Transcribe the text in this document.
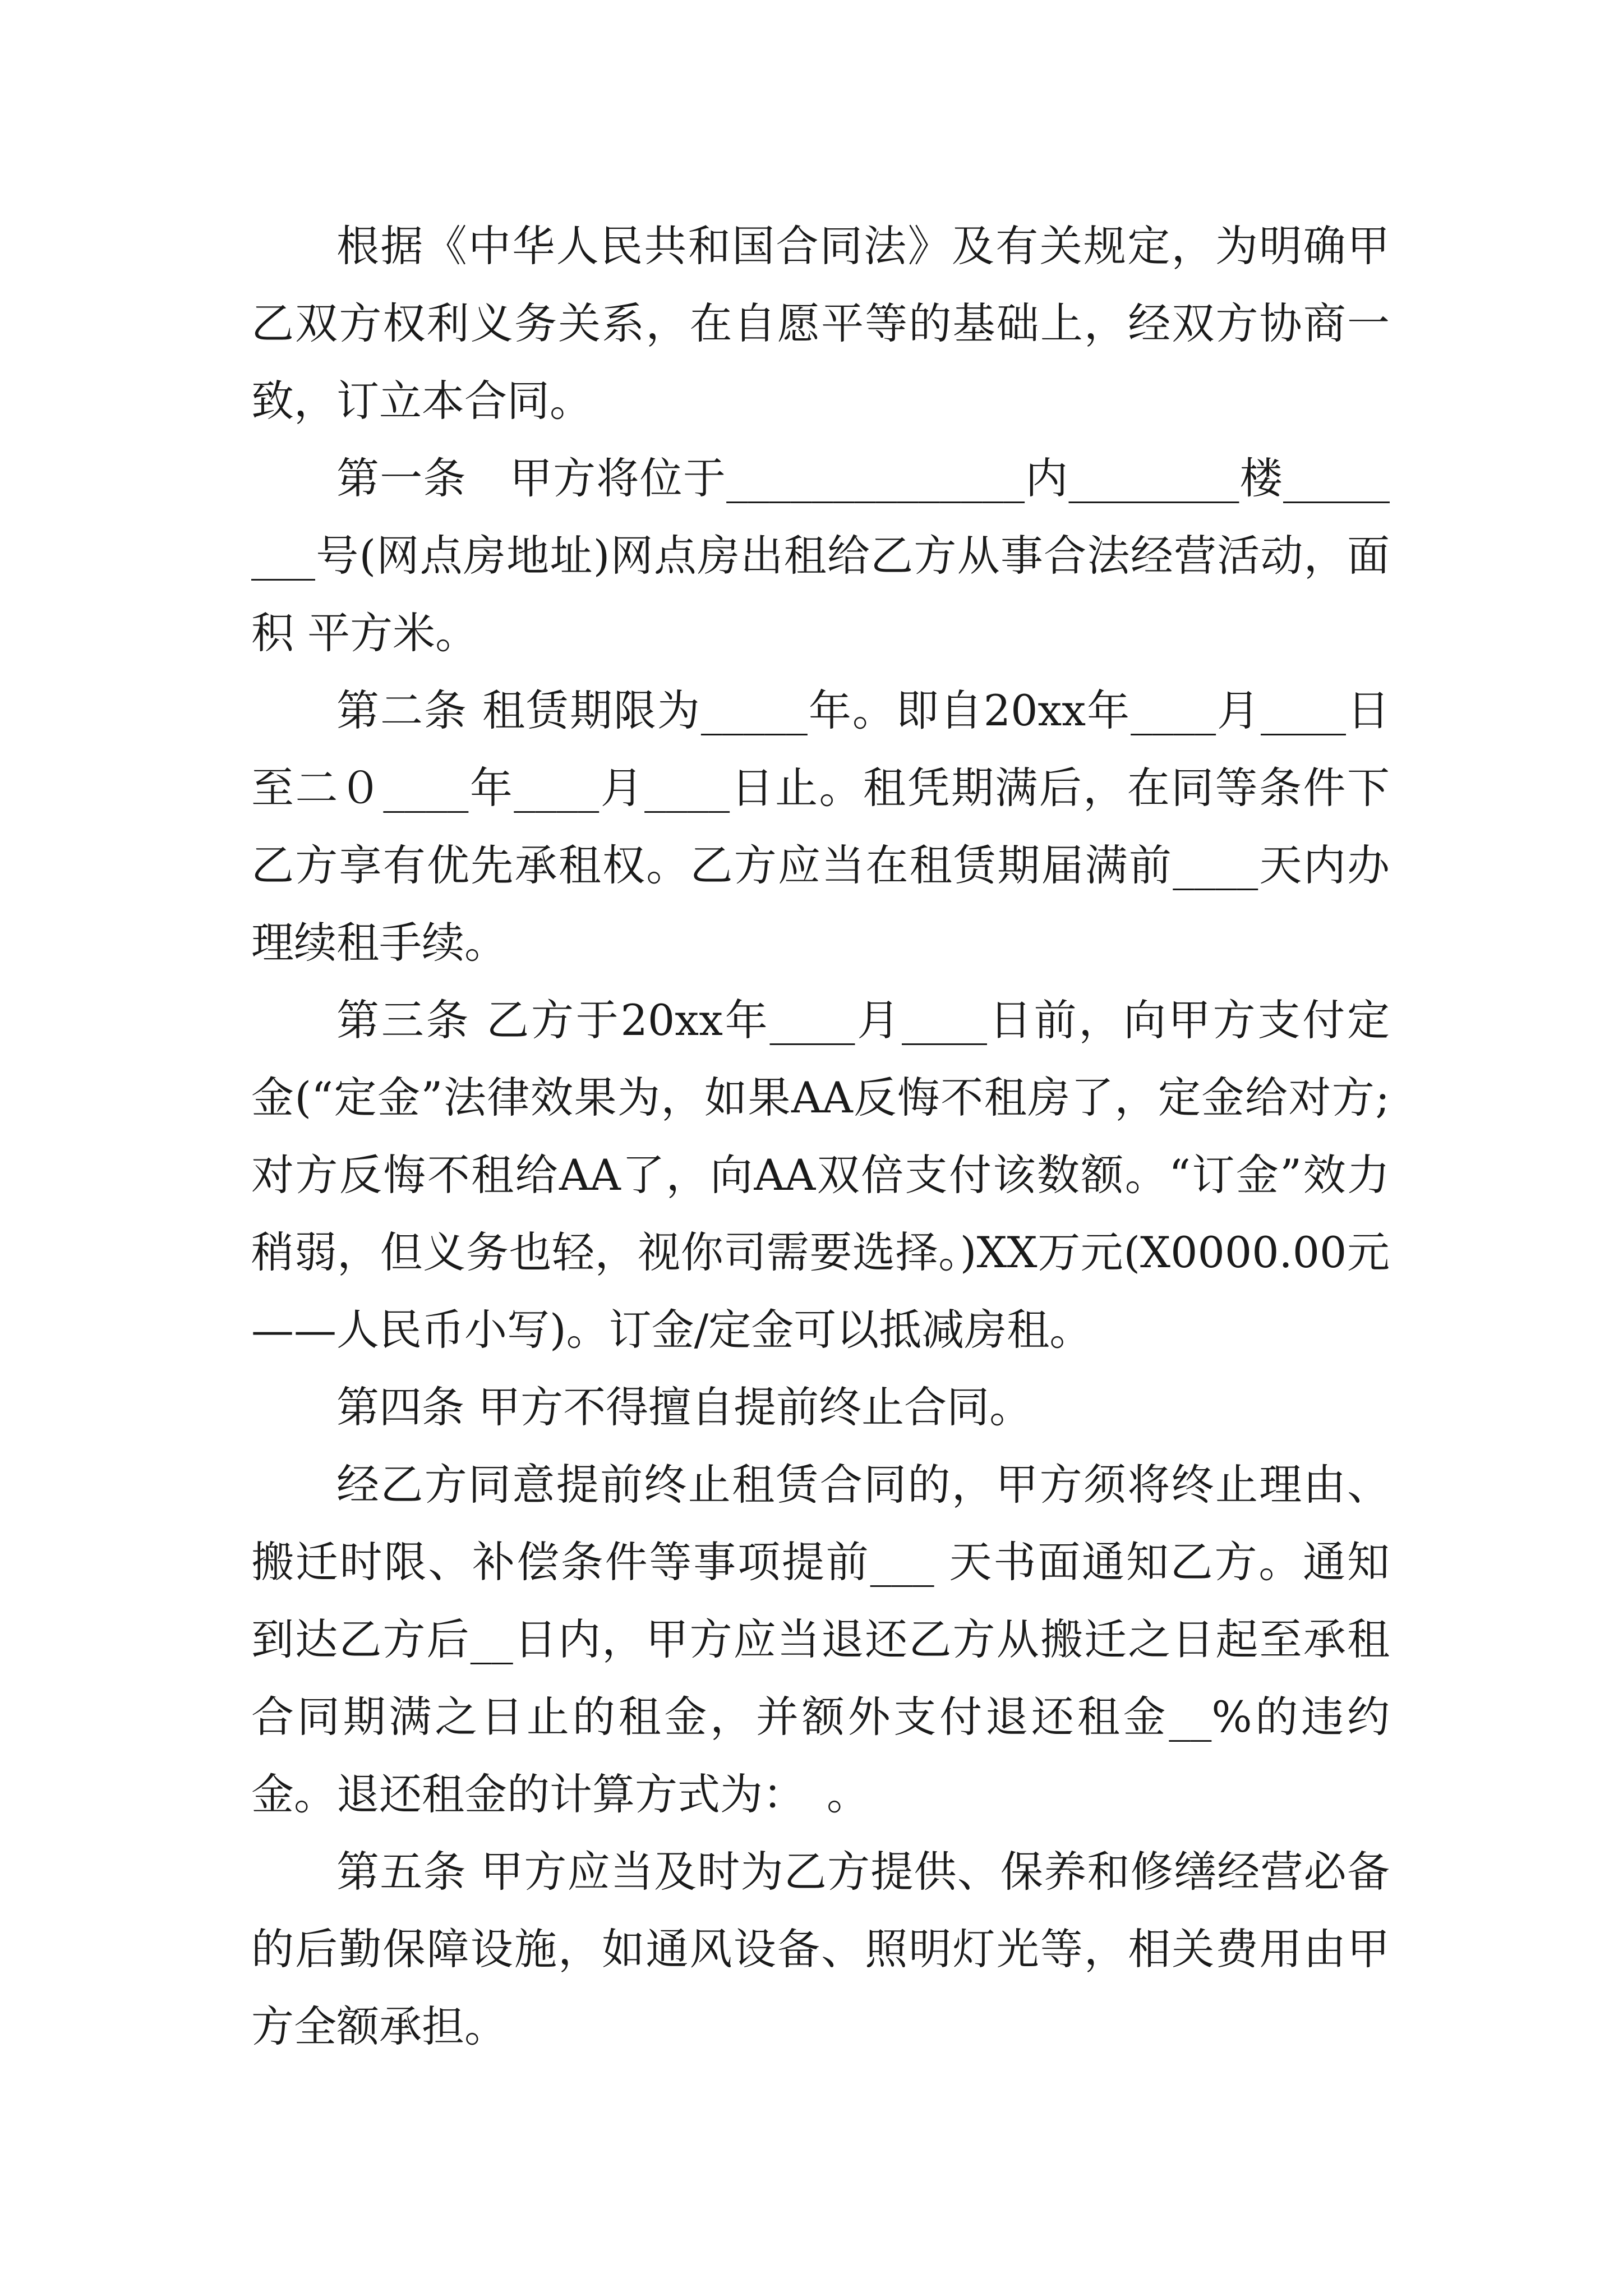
根据《中华人民共和国合同法》及有关规定，为明确甲乙双方权利义务关系，在自愿平等的基础上，经双方协商一致，订立本合同。

第一条　甲方将位于______________内________楼________号(网点房地址)网点房出租给乙方从事合法经营活动，面积 平方米。

第二条 租赁期限为_____年。即自20xx年____月____日至二０____年____月____日止。租凭期满后，在同等条件下乙方享有优先承租权。乙方应当在租赁期届满前____天内办理续租手续。

第三条 乙方于20xx年____月____日前，向甲方支付定金(“定金”法律效果为，如果AA反悔不租房了，定金给对方;对方反悔不租给AA了，向AA双倍支付该数额。“订金”效力稍弱，但义务也轻，视你司需要选择。)XX万元(X0000.00元——人民币小写)。订金/定金可以抵减房租。

第四条 甲方不得擅自提前终止合同。

经乙方同意提前终止租赁合同的，甲方须将终止理由、搬迁时限、补偿条件等事项提前___ 天书面通知乙方。通知到达乙方后__日内，甲方应当退还乙方从搬迁之日起至承租合同期满之日止的租金，并额外支付退还租金__%的违约金。退还租金的计算方式为：　。

第五条 甲方应当及时为乙方提供、保养和修缮经营必备的后勤保障设施，如通风设备、照明灯光等，相关费用由甲方全额承担。
